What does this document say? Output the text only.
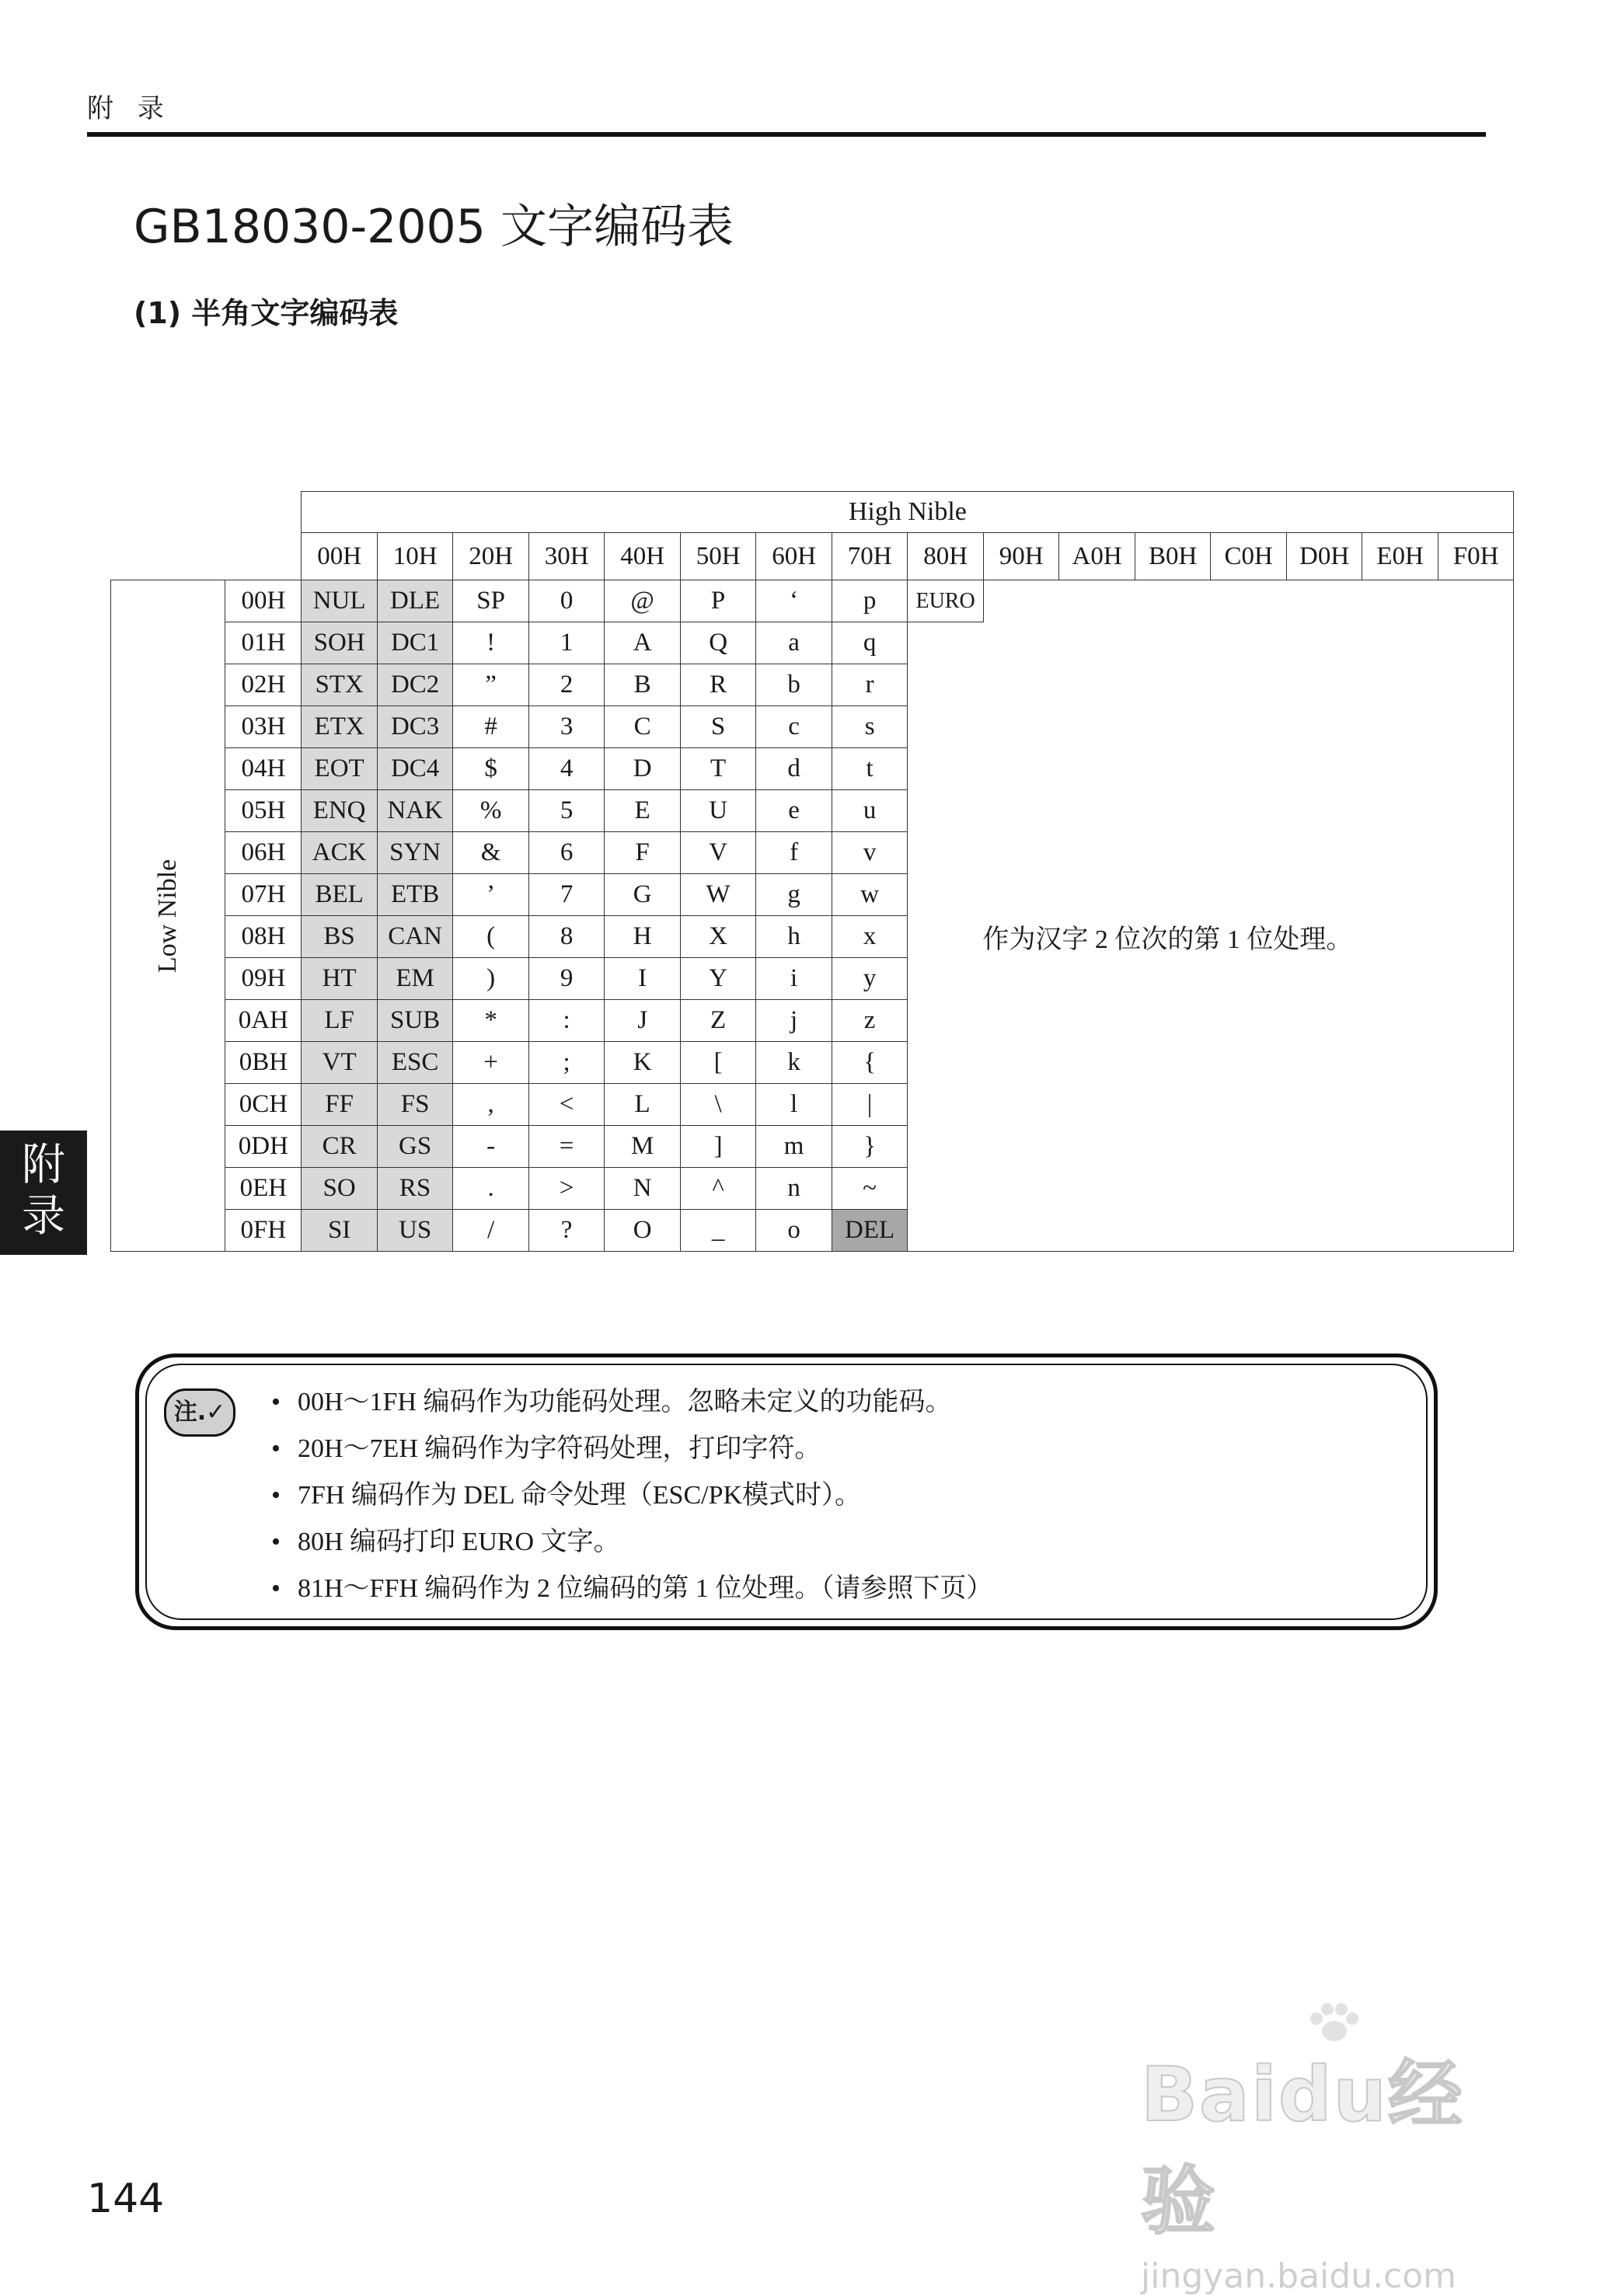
附 录
GB18030-2005 文字编码表
(1) 半角文字编码表
		High Nible															
		00H	10H	20H	30H	40H	50H	60H	70H	80H	90H	A0H	B0H	C0H	D0H	E0H	F0H
Low Nible	00H	NUL	DLE	SP	0	@	P	‘	p	EURO							
	01H	SOH	DC1	!	1	A	Q	a	q	作为汉字 2 位次的第 1 位处理。							
	02H	STX	DC2	”	2	B	R	b	r								
	03H	ETX	DC3	#	3	C	S	c	s								
	04H	EOT	DC4	$	4	D	T	d	t								
	05H	ENQ	NAK	%	5	E	U	e	u								
	06H	ACK	SYN	&	6	F	V	f	v								
	07H	BEL	ETB	’	7	G	W	g	w								
	08H	BS	CAN	(	8	H	X	h	x								
	09H	HT	EM	)	9	I	Y	i	y								
	0AH	LF	SUB	*	:	J	Z	j	z								
	0BH	VT	ESC	+	;	K	[	k	{								
	0CH	FF	FS	,	<	L	\	l	|								
	0DH	CR	GS	-	=	M	]	m	}								
	0EH	SO	RS	.	>	N	^	n	~								
	0FH	SI	US	/	?	O	_	o	DEL								
附
录
注.✓	• 00H～1FH 编码作为功能码处理。忽略未定义的功能码。
• 20H～7EH 编码作为字符码处理，打印字符。
• 7FH 编码作为 DEL 命令处理（ESC/PK模式时）。
• 80H 编码打印 EURO 文字。
• 81H～FFH 编码作为 2 位编码的第 1 位处理。（请参照下页）
144
Baidu经验
jingyan.baidu.com
